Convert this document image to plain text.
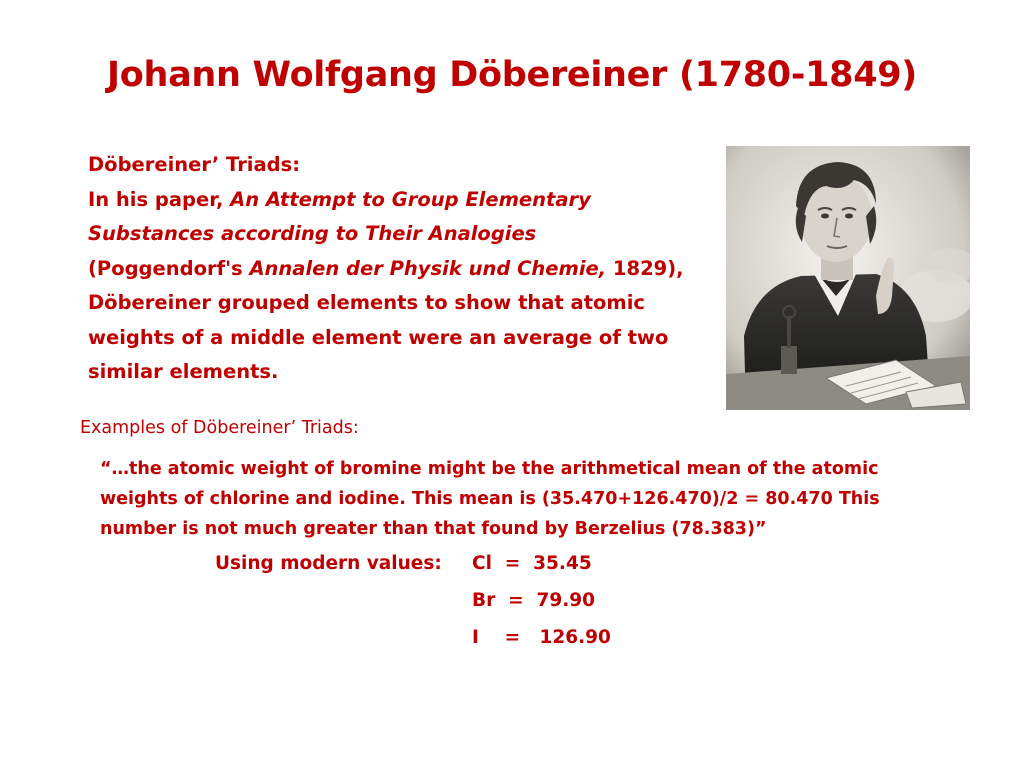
Johann Wolfgang Döbereiner (1780-1849)
Döbereiner’ Triads:
In his paper, An Attempt to Group Elementary
Substances according to Their Analogies
(Poggendorf's Annalen der Physik und Chemie, 1829),
Döbereiner grouped elements to show that atomic
weights of a middle element were an average of two
similar elements.
Examples of Döbereiner’ Triads:
“…the atomic weight of bromine might be the arithmetical mean of the atomic
weights of chlorine and iodine. This mean is (35.470+126.470)/2 = 80.470 This
number is not much greater than that found by Berzelius (78.383)”
Using modern values: Cl  =  35.45
Br  =  79.90
I    =   126.90
